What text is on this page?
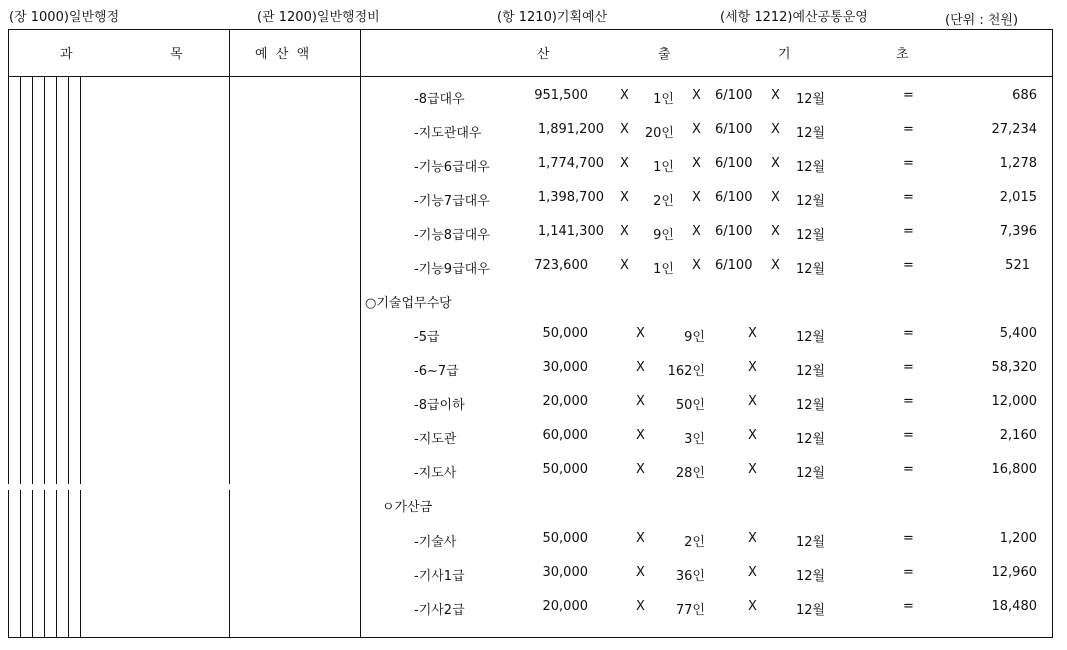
(장 1000)일반행정	(관 1200)일반행정비	(항 1210)기획예산	(세항 1212)예산공통운영	(단위 : 천원)
과	목	예  산  액	산	출	기	초
-8급대우	951,500 X	1인 X 6/100 X 12월	=	686
-지도관대우	1,891,200 X	20인 X 6/100 X 12월	=	27,234
-기능6급대우	1,774,700 X	1인 X 6/100 X 12월	=	1,278
-기능7급대우	1,398,700 X	2인 X 6/100 X 12월	=	2,015
-기능8급대우	1,141,300 X	9인 X 6/100 X 12월	=	7,396
-기능9급대우	723,600 X	1인 X 6/100 X 12월	=	521
○기술업무수당
-5급	50,000	X	9인	X	12월	=	5,400
-6~7급	30,000	X	162인	X	12월	=	58,320
-8급이하	20,000	X	50인	X	12월	=	12,000
-지도관	60,000	X	3인	X	12월	=	2,160
-지도사	50,000	X	28인	X	12월	=	16,800
ㅇ가산금
-기술사	50,000	X	2인	X	12월	=	1,200
-기사1급	30,000	X	36인	X	12월	=	12,960
-기사2급	20,000	X	77인	X	12월	=	18,480
